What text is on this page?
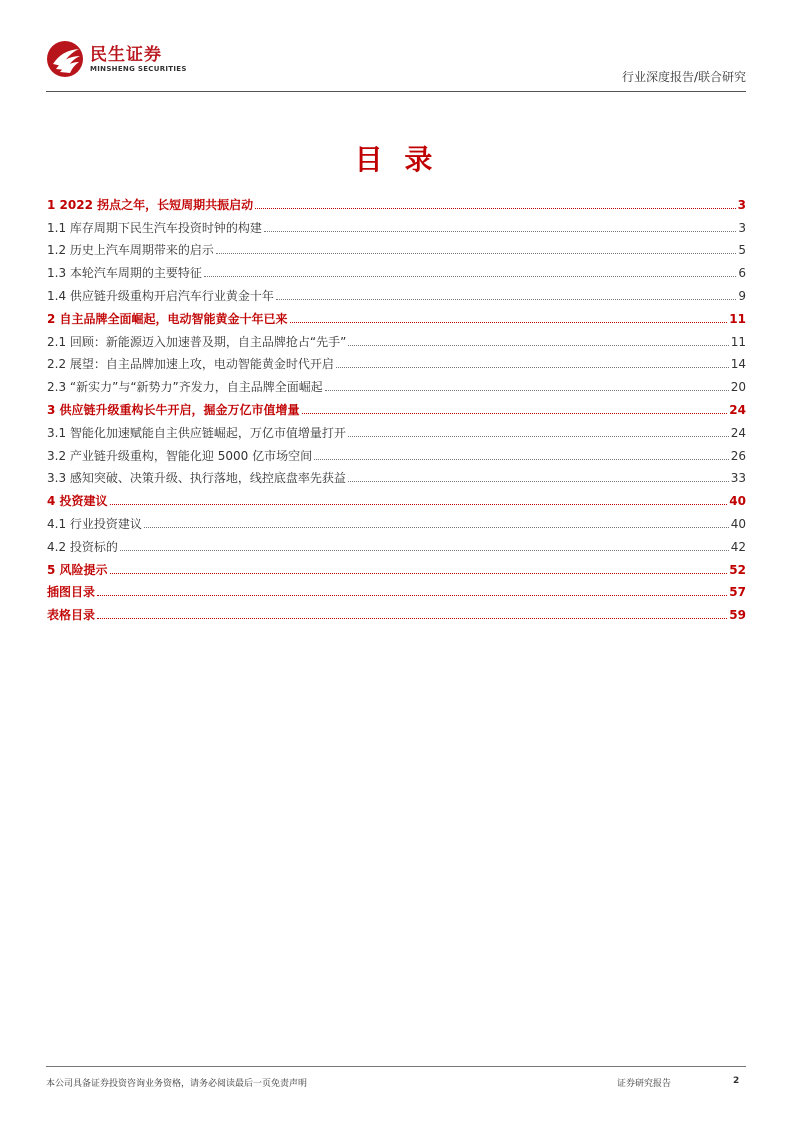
民生证券
MINSHENG SECURITIES
行业深度报告/联合研究
目 录
1 2022 拐点之年，长短周期共振启动	3
1.1 库存周期下民生汽车投资时钟的构建	3
1.2 历史上汽车周期带来的启示	5
1.3 本轮汽车周期的主要特征	6
1.4 供应链升级重构开启汽车行业黄金十年	9
2 自主品牌全面崛起，电动智能黄金十年已来	11
2.1 回顾：新能源迈入加速普及期，自主品牌抢占“先手”	11
2.2 展望：自主品牌加速上攻，电动智能黄金时代开启	14
2.3 “新实力”与“新势力”齐发力，自主品牌全面崛起	20
3 供应链升级重构长牛开启，掘金万亿市值增量	24
3.1 智能化加速赋能自主供应链崛起，万亿市值增量打开	24
3.2 产业链升级重构，智能化迎 5000 亿市场空间	26
3.3 感知突破、决策升级、执行落地，线控底盘率先获益	33
4 投资建议	40
4.1 行业投资建议	40
4.2 投资标的	42
5 风险提示	52
插图目录	57
表格目录	59
本公司具备证券投资咨询业务资格，请务必阅读最后一页免责声明	证券研究报告	2
